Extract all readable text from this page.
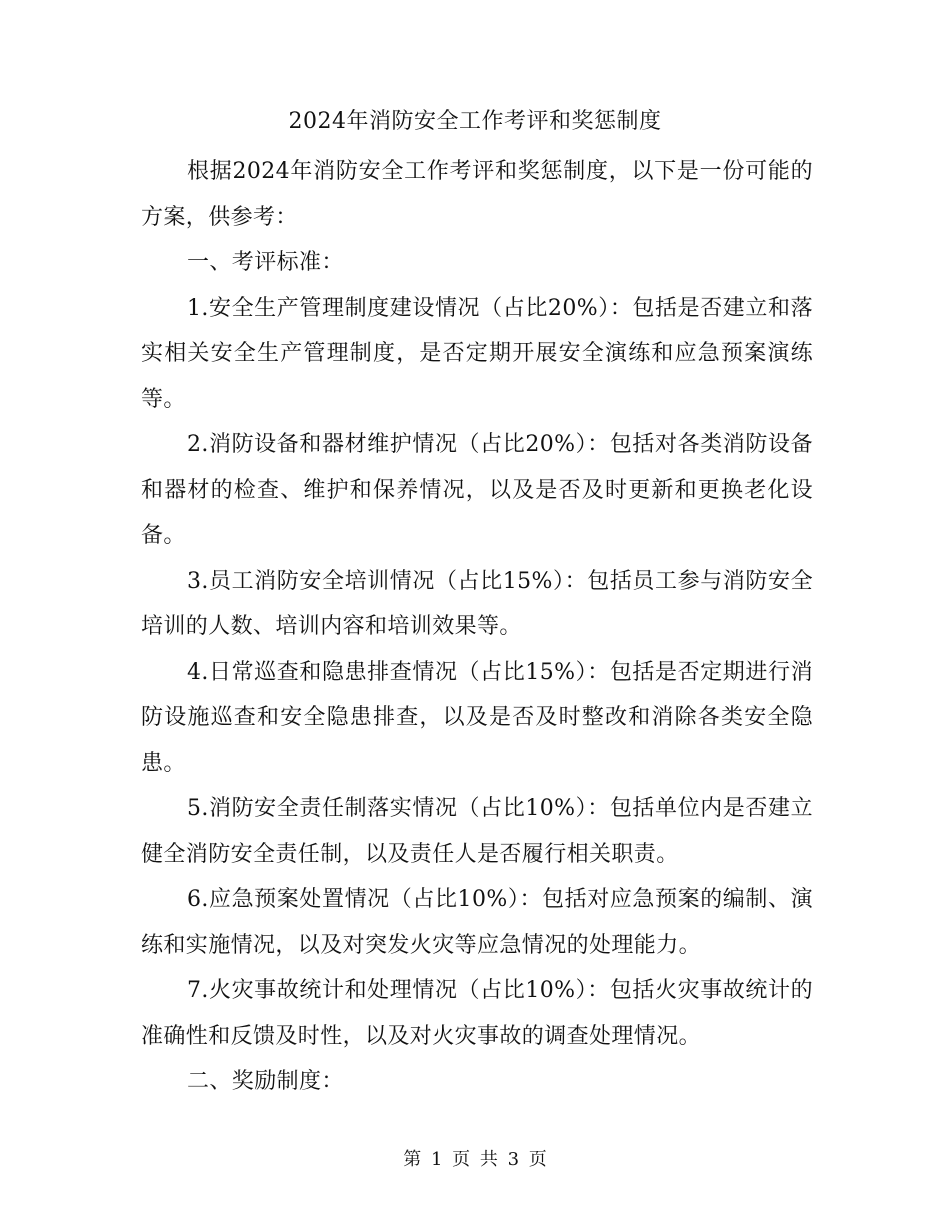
2024年消防安全工作考评和奖惩制度

根据2024年消防安全工作考评和奖惩制度，以下是一份可能的方案，供参考：

一、考评标准：

1.安全生产管理制度建设情况（占比20%）：包括是否建立和落实相关安全生产管理制度，是否定期开展安全演练和应急预案演练等。

2.消防设备和器材维护情况（占比20%）：包括对各类消防设备和器材的检查、维护和保养情况，以及是否及时更新和更换老化设备。

3.员工消防安全培训情况（占比15%）：包括员工参与消防安全培训的人数、培训内容和培训效果等。

4.日常巡查和隐患排查情况（占比15%）：包括是否定期进行消防设施巡查和安全隐患排查，以及是否及时整改和消除各类安全隐患。

5.消防安全责任制落实情况（占比10%）：包括单位内是否建立健全消防安全责任制，以及责任人是否履行相关职责。

6.应急预案处置情况（占比10%）：包括对应急预案的编制、演练和实施情况，以及对突发火灾等应急情况的处理能力。

7.火灾事故统计和处理情况（占比10%）：包括火灾事故统计的准确性和反馈及时性，以及对火灾事故的调查处理情况。

二、奖励制度：

第 1 页 共 3 页
